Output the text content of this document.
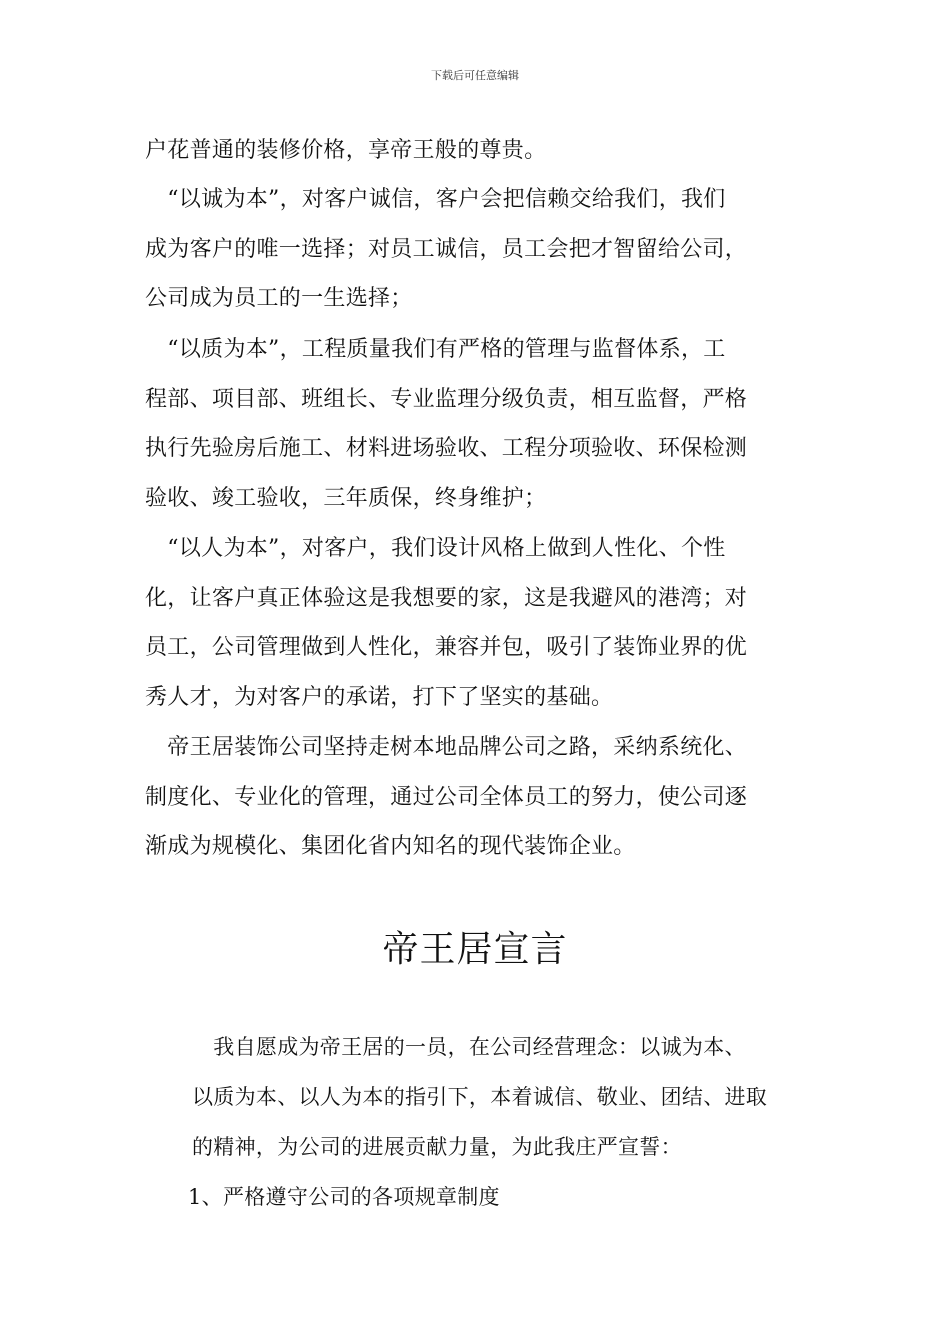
下载后可任意编辑
户花普通的装修价格，享帝王般的尊贵。
　“以诚为本”，对客户诚信，客户会把信赖交给我们，我们
成为客户的唯一选择；对员工诚信，员工会把才智留给公司，
公司成为员工的一生选择；
　“以质为本”，工程质量我们有严格的管理与监督体系，工
程部、项目部、班组长、专业监理分级负责，相互监督，严格
执行先验房后施工、材料进场验收、工程分项验收、环保检测
验收、竣工验收，三年质保，终身维护；
　“以人为本”，对客户，我们设计风格上做到人性化、个性
化，让客户真正体验这是我想要的家，这是我避风的港湾；对
员工，公司管理做到人性化，兼容并包，吸引了装饰业界的优
秀人才，为对客户的承诺，打下了坚实的基础。
　帝王居装饰公司坚持走树本地品牌公司之路，采纳系统化、
制度化、专业化的管理，通过公司全体员工的努力，使公司逐
渐成为规模化、集团化省内知名的现代装饰企业。
帝王居宣言
　我自愿成为帝王居的一员，在公司经营理念：以诚为本、
以质为本、以人为本的指引下，本着诚信、敬业、团结、进取
的精神，为公司的进展贡献力量，为此我庄严宣誓：
1、严格遵守公司的各项规章制度
